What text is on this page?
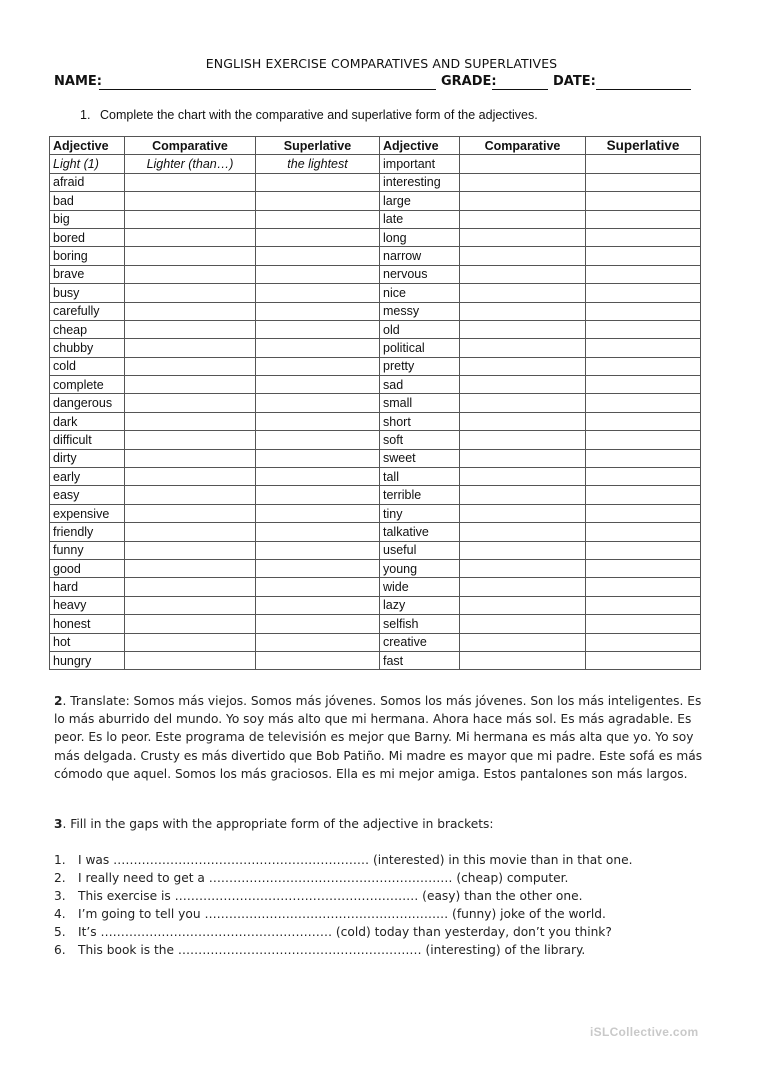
ENGLISH EXERCISE COMPARATIVES AND SUPERLATIVES
NAME:	GRADE:	DATE:
1. Complete the chart with the comparative and superlative form of the adjectives.
Adjective	Comparative	Superlative	Adjective	Comparative	Superlative
Light (1)	Lighter (than…)	the lightest	important		
afraid			interesting		
bad			large		
big			late		
bored			long		
boring			narrow		
brave			nervous		
busy			nice		
carefully			messy		
cheap			old		
chubby			political		
cold			pretty		
complete			sad		
dangerous			small		
dark			short		
difficult			soft		
dirty			sweet		
early			tall		
easy			terrible		
expensive			tiny		
friendly			talkative		
funny			useful		
good			young		
hard			wide		
heavy			lazy		
honest			selfish		
hot			creative		
hungry			fast		
2. Translate: Somos más viejos. Somos más jóvenes. Somos los más jóvenes. Son los más inteligentes. Es lo más aburrido del mundo. Yo soy más alto que mi hermana. Ahora hace más sol. Es más agradable. Es peor. Es lo peor. Este programa de televisión es mejor que Barny. Mi hermana es más alta que yo. Yo soy más delgada. Crusty es más divertido que Bob Patiño. Mi madre es mayor que mi padre. Este sofá es más cómodo que aquel. Somos los más graciosos. Ella es mi mejor amiga. Estos pantalones son más largos.
3. Fill in the gaps with the appropriate form of the adjective in brackets:
1. I was ……………………………………………………… (interested) in this movie than in that one.
2. I really need to get a …………………………………………………… (cheap) computer.
3. This exercise is …………………………………………………… (easy) than the other one.
4. I’m going to tell you …………………………………………………… (funny) joke of the world.
5. It’s ………………………………………………… (cold) today than yesterday, don’t you think?
6. This book is the …………………………………………………… (interesting) of the library.
iSLCollective.com
